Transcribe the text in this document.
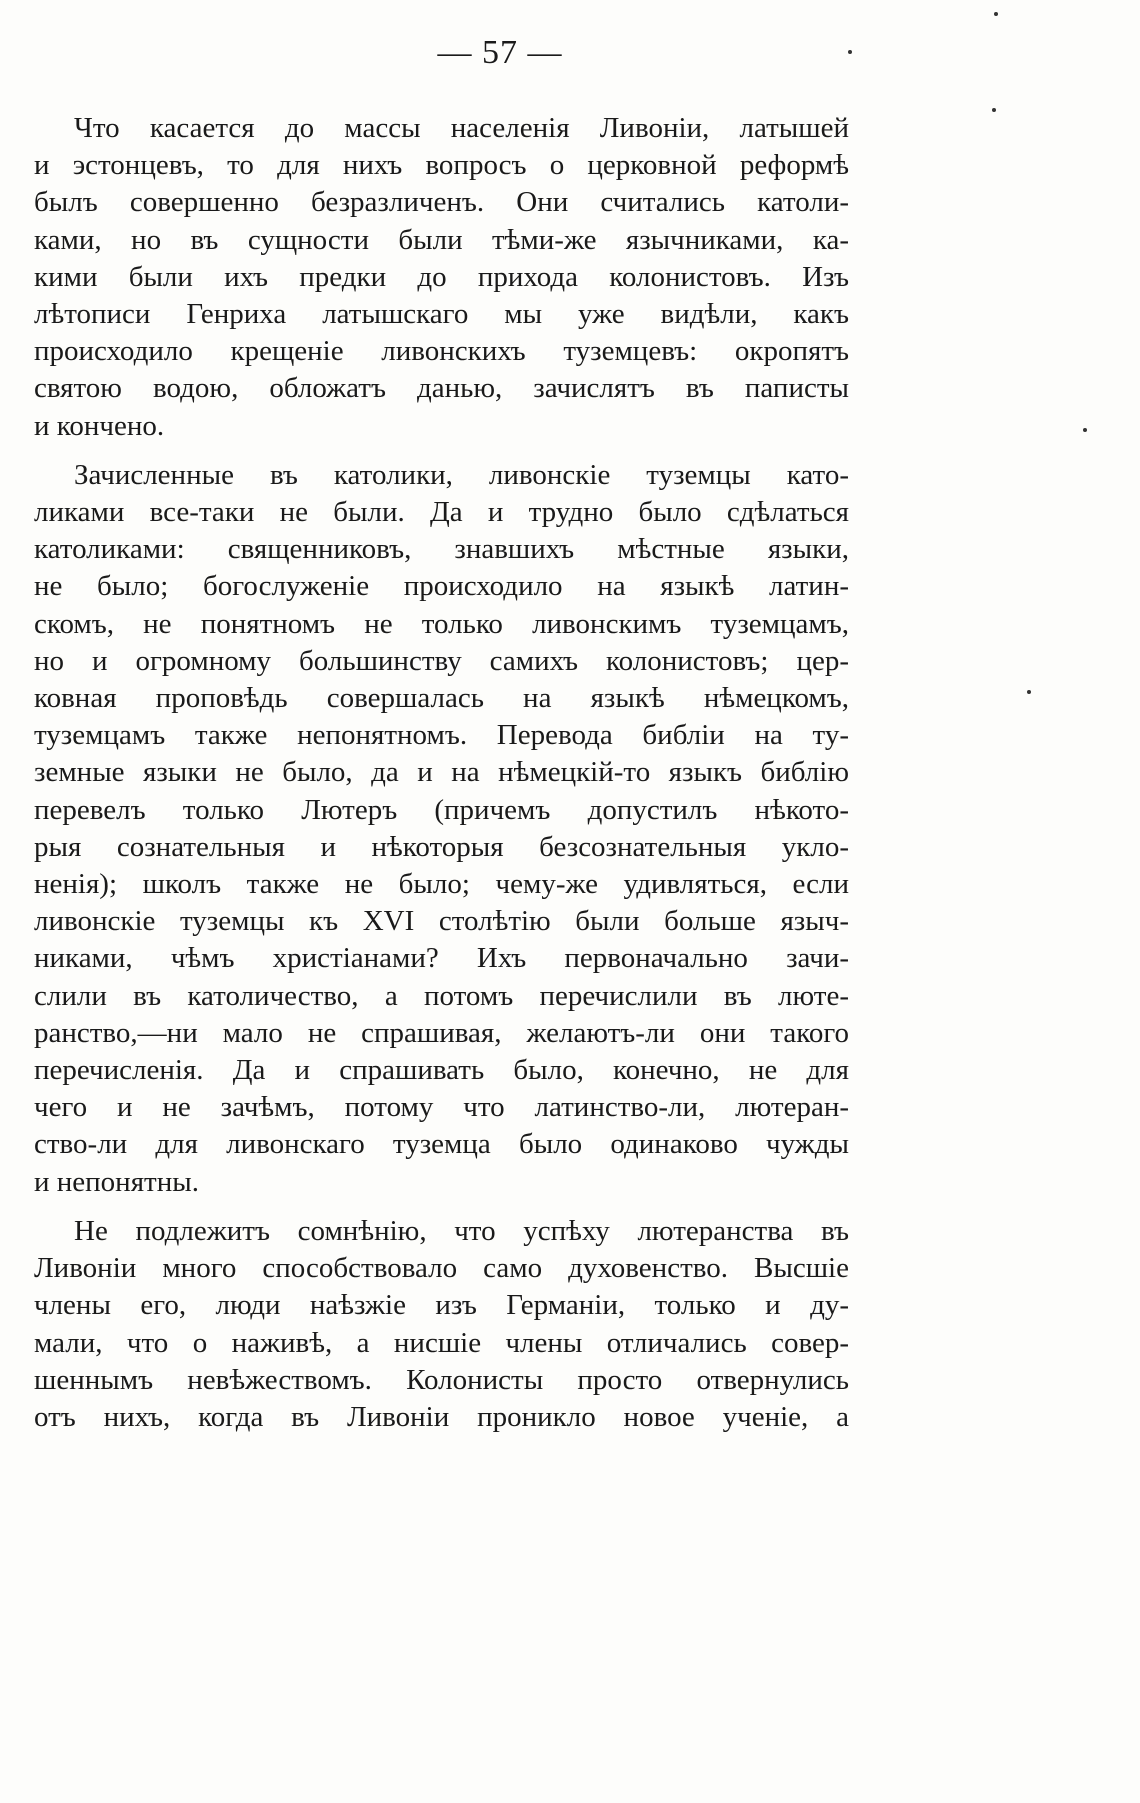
— 57 —

Что касается до массы населенія Ливоніи, латышей
и эстонцевъ, то для нихъ вопросъ о церковной реформѣ
былъ совершенно безразличенъ. Они считались католи-
ками, но въ сущности были тѣми-же язычниками, ка-
кими были ихъ предки до прихода колонистовъ. Изъ
лѣтописи Генриха латышскаго мы уже видѣли, какъ
происходило крещеніе ливонскихъ туземцевъ: окропятъ
святою водою, обложатъ данью, зачислятъ въ паписты
и кончено.

Зачисленные въ католики, ливонскіе туземцы като-
ликами все-таки не были. Да и трудно было сдѣлаться
католиками: священниковъ, знавшихъ мѣстные языки,
не было; богослуженіе происходило на языкѣ латин-
скомъ, не понятномъ не только ливонскимъ туземцамъ,
но и огромному большинству самихъ колонистовъ; цер-
ковная проповѣдь совершалась на языкѣ нѣмецкомъ,
туземцамъ также непонятномъ. Перевода библіи на ту-
земные языки не было, да и на нѣмецкій-то языкъ библію
перевелъ только Лютеръ (причемъ допустилъ нѣкото-
рыя сознательныя и нѣкоторыя безсознательныя уклo-
ненія); школъ также не было; чему-же удивляться, если
ливонскіе туземцы къ XVI столѣтію были больше языч-
никами, чѣмъ христіанами? Ихъ первоначально зачи-
слили въ католичество, а потомъ перечислили въ люте-
ранство,—ни мало не спрашивая, желаютъ-ли они такого
перечисленія. Да и спрашивать было, конечно, не для
чего и не зачѣмъ, потому что латинство-ли, лютеран-
ство-ли для ливонскаго туземца было одинаково чужды
и непонятны.

Не подлежитъ сомнѣнію, что успѣху лютеранства въ
Ливоніи много способствовало само духовенство. Высшіе
члены его, люди наѣзжіе изъ Германіи, только и ду-
мали, что о наживѣ, а нисшіе члены отличались совер-
шеннымъ невѣжествомъ. Колонисты просто отвернулись
отъ нихъ, когда въ Ливоніи проникло новое ученіе, а
